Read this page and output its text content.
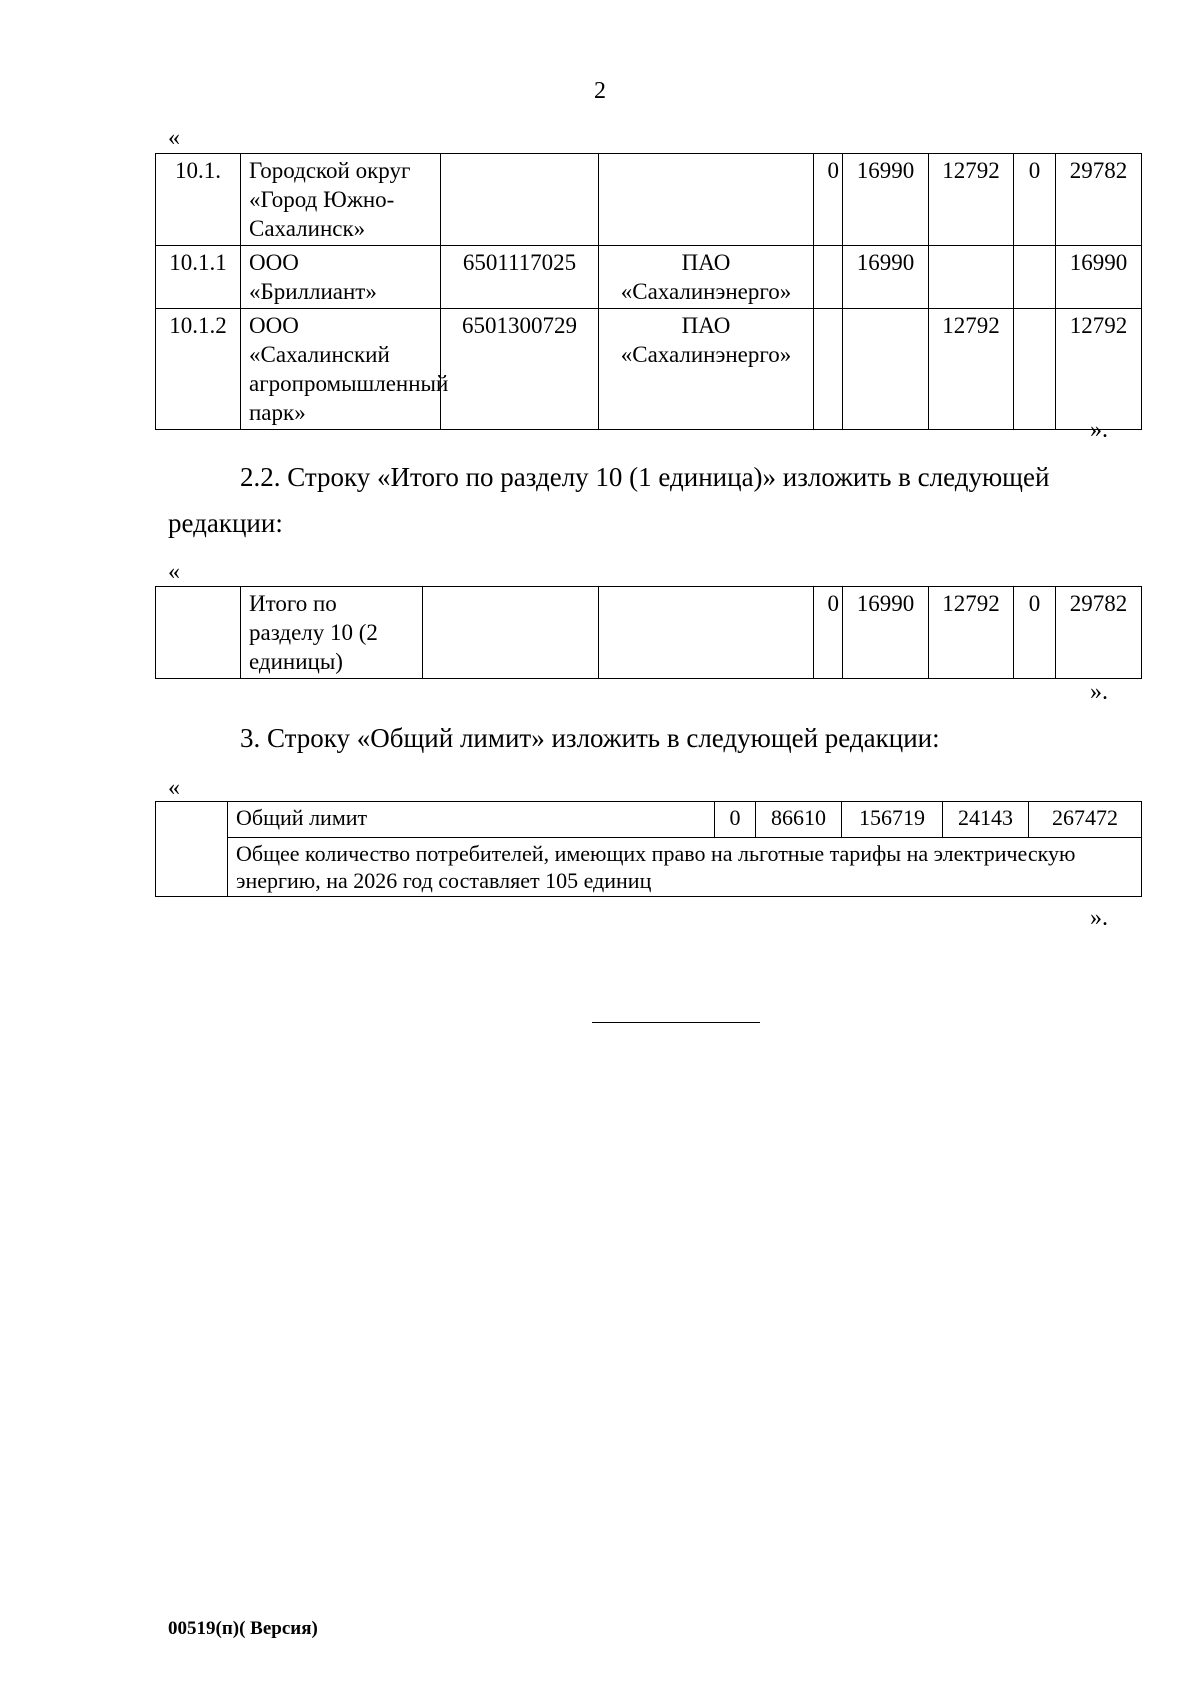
2
«
10.1.	Городской округ «Город Южно-Сахалинск»			0	16990	12792	0	29782
10.1.1	ООО «Бриллиант»	6501117025	ПАО «Сахалинэнерго»		16990			16990
10.1.2	ООО «Сахалинский агропромышленный парк»	6501300729	ПАО «Сахалинэнерго»			12792		12792
».
2.2. Строку «Итого по разделу 10 (1 единица)» изложить в следующей
редакции:
«
	Итого по разделу 10 (2 единицы)			0	16990	12792	0	29782
».
3. Строку «Общий лимит» изложить в следующей редакции:
«
	Общий лимит	0	86610	156719	24143	267472
Общее количество потребителей, имеющих право на льготные тарифы на электрическую энергию, на 2026 год составляет 105 единиц
».
00519(п)( Версия)
